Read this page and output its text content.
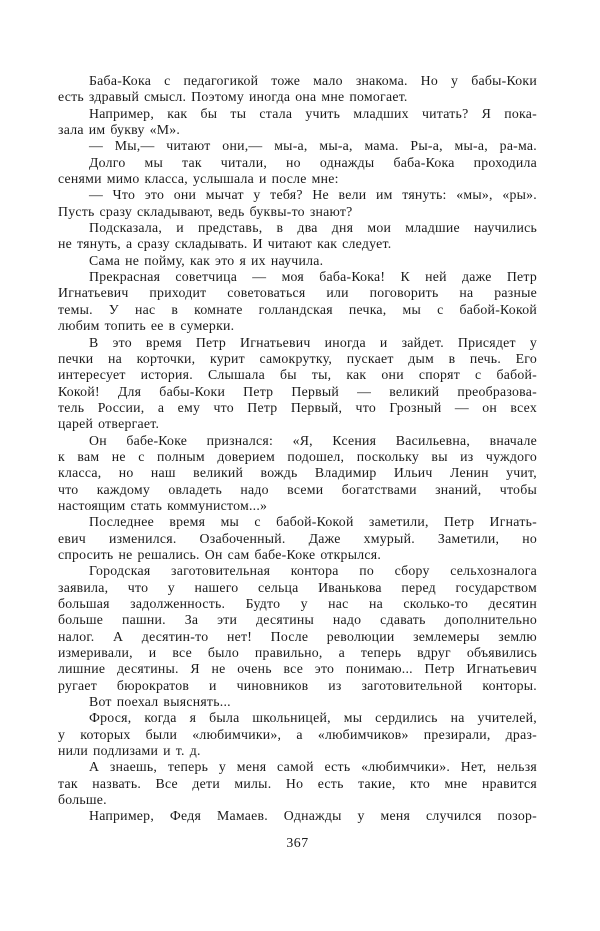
Баба-Кока с педагогикой тоже мало знакома. Но у бабы-Коки
есть здравый смысл. Поэтому иногда она мне помогает.
Например, как бы ты стала учить младших читать? Я пока-
зала им букву «М».
— Мы,— читают они,— мы-а, мы-а, мама. Ры-а, мы-а, ра-ма.
Долго мы так читали, но однажды баба-Кока проходила
сенями мимо класса, услышала и после мне:
— Что это они мычат у тебя? Не вели им тянуть: «мы», «ры».
Пусть сразу складывают, ведь буквы-то знают?
Подсказала, и представь, в два дня мои младшие научились
не тянуть, а сразу складывать. И читают как следует.
Сама не пойму, как это я их научила.
Прекрасная советчица — моя баба-Кока! К ней даже Петр
Игнатьевич приходит советоваться или поговорить на разные
темы. У нас в комнате голландская печка, мы с бабой-Кокой
любим топить ее в сумерки.
В это время Петр Игнатьевич иногда и зайдет. Присядет у
печки на корточки, курит самокрутку, пускает дым в печь. Его
интересует история. Слышала бы ты, как они спорят с бабой-
Кокой! Для бабы-Коки Петр Первый — великий преобразова-
тель России, а ему что Петр Первый, что Грозный — он всех
царей отвергает.
Он бабе-Коке признался: «Я, Ксения Васильевна, вначале
к вам не с полным доверием подошел, поскольку вы из чуждого
класса, но наш великий вождь Владимир Ильич Ленин учит,
что каждому овладеть надо всеми богатствами знаний, чтобы
настоящим стать коммунистом...»
Последнее время мы с бабой-Кокой заметили, Петр Игнать-
евич изменился. Озабоченный. Даже хмурый. Заметили, но
спросить не решались. Он сам бабе-Коке открылся.
Городская заготовительная контора по сбору сельхозналога
заявила, что у нашего сельца Иванькова перед государством
большая задолженность. Будто у нас на сколько-то десятин
больше пашни. За эти десятины надо сдавать дополнительно
налог. А десятин-то нет! После революции землемеры землю
измеривали, и все было правильно, а теперь вдруг объявились
лишние десятины. Я не очень все это понимаю... Петр Игнатьевич
ругает бюрократов и чиновников из заготовительной конторы.
Вот поехал выяснять...
Фрося, когда я была школьницей, мы сердились на учителей,
у которых были «любимчики», а «любимчиков» презирали, драз-
нили подлизами и т. д.
А знаешь, теперь у меня самой есть «любимчики». Нет, нельзя
так назвать. Все дети милы. Но есть такие, кто мне нравится
больше.
Например, Федя Мамаев. Однажды у меня случился позор-
367
